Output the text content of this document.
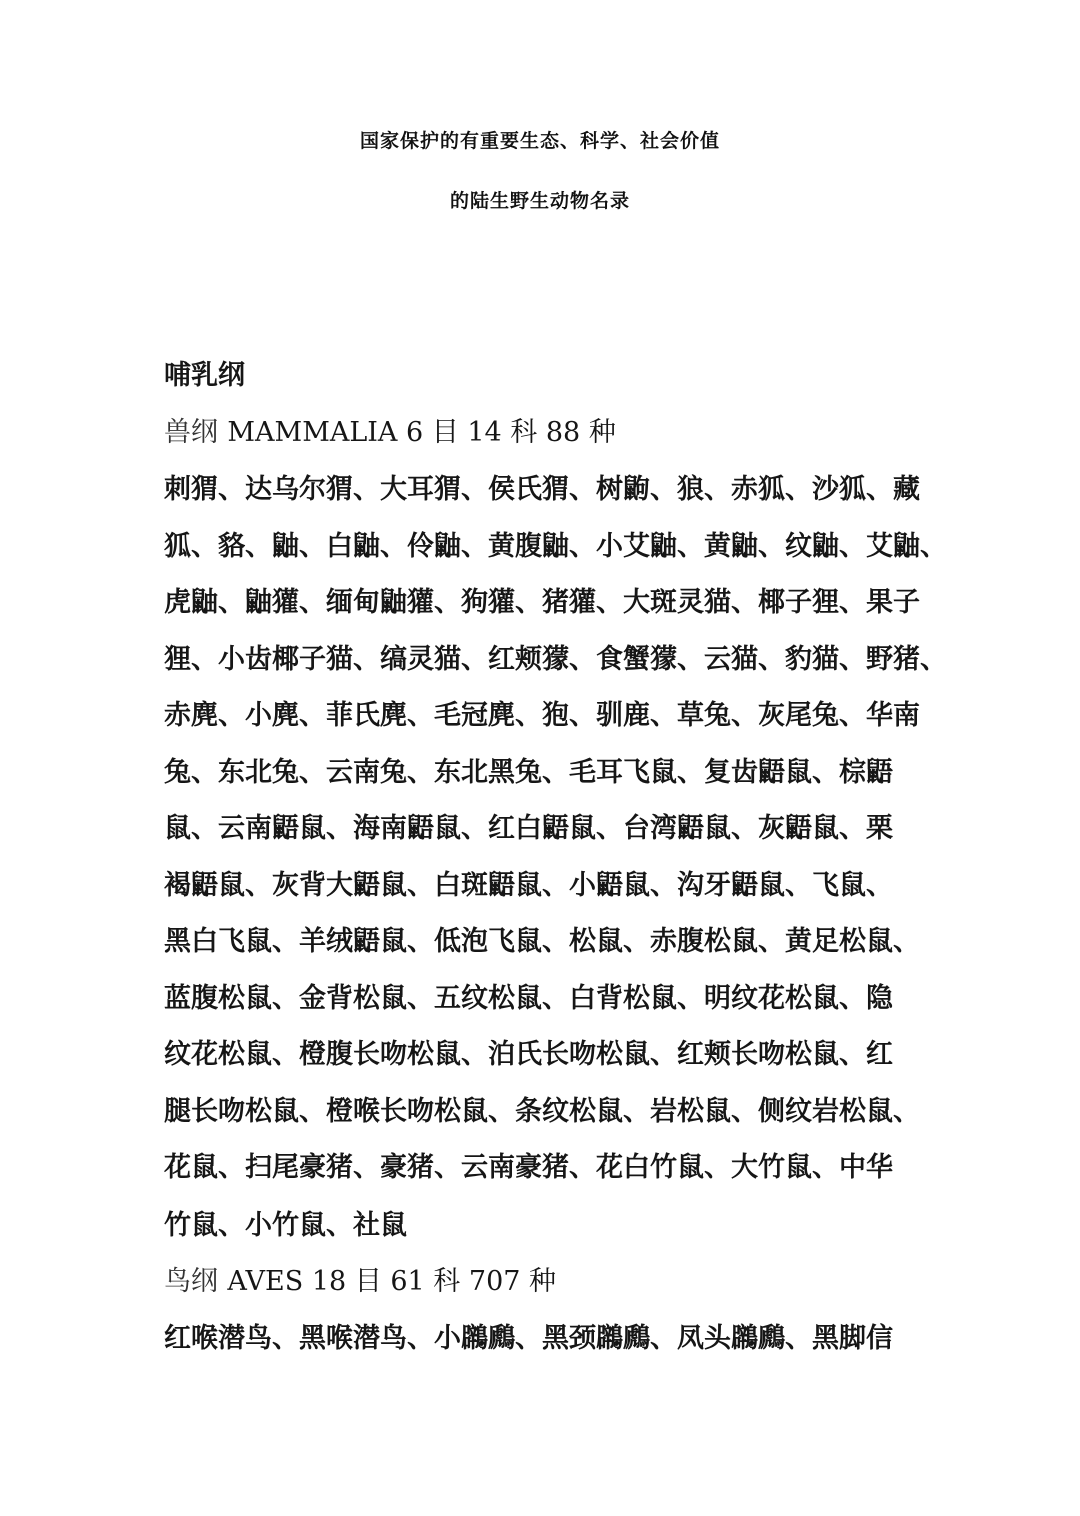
国家保护的有重要生态、科学、社会价值
的陆生野生动物名录
哺乳纲
兽纲 MAMMALIA 6 目 14 科 88 种
刺猬、达乌尔猬、大耳猬、侯氏猬、树鼩、狼、赤狐、沙狐、藏
狐、貉、鼬、白鼬、伶鼬、黄腹鼬、小艾鼬、黄鼬、纹鼬、艾鼬、
虎鼬、鼬獾、缅甸鼬獾、狗獾、猪獾、大斑灵猫、椰子狸、果子
狸、小齿椰子猫、缟灵猫、红颊獴、食蟹獴、云猫、豹猫、野猪、
赤麂、小麂、菲氏麂、毛冠麂、狍、驯鹿、草兔、灰尾兔、华南
兔、东北兔、云南兔、东北黑兔、毛耳飞鼠、复齿鼯鼠、棕鼯
鼠、云南鼯鼠、海南鼯鼠、红白鼯鼠、台湾鼯鼠、灰鼯鼠、栗
褐鼯鼠、灰背大鼯鼠、白斑鼯鼠、小鼯鼠、沟牙鼯鼠、飞鼠、
黑白飞鼠、羊绒鼯鼠、低泡飞鼠、松鼠、赤腹松鼠、黄足松鼠、
蓝腹松鼠、金背松鼠、五纹松鼠、白背松鼠、明纹花松鼠、隐
纹花松鼠、橙腹长吻松鼠、泊氏长吻松鼠、红颊长吻松鼠、红
腿长吻松鼠、橙喉长吻松鼠、条纹松鼠、岩松鼠、侧纹岩松鼠、
花鼠、扫尾豪猪、豪猪、云南豪猪、花白竹鼠、大竹鼠、中华
竹鼠、小竹鼠、社鼠
鸟纲 AVES 18 目 61 科 707 种
红喉潜鸟、黑喉潜鸟、小鸊鷉、黑颈鸊鷉、凤头鸊鷉、黑脚信
